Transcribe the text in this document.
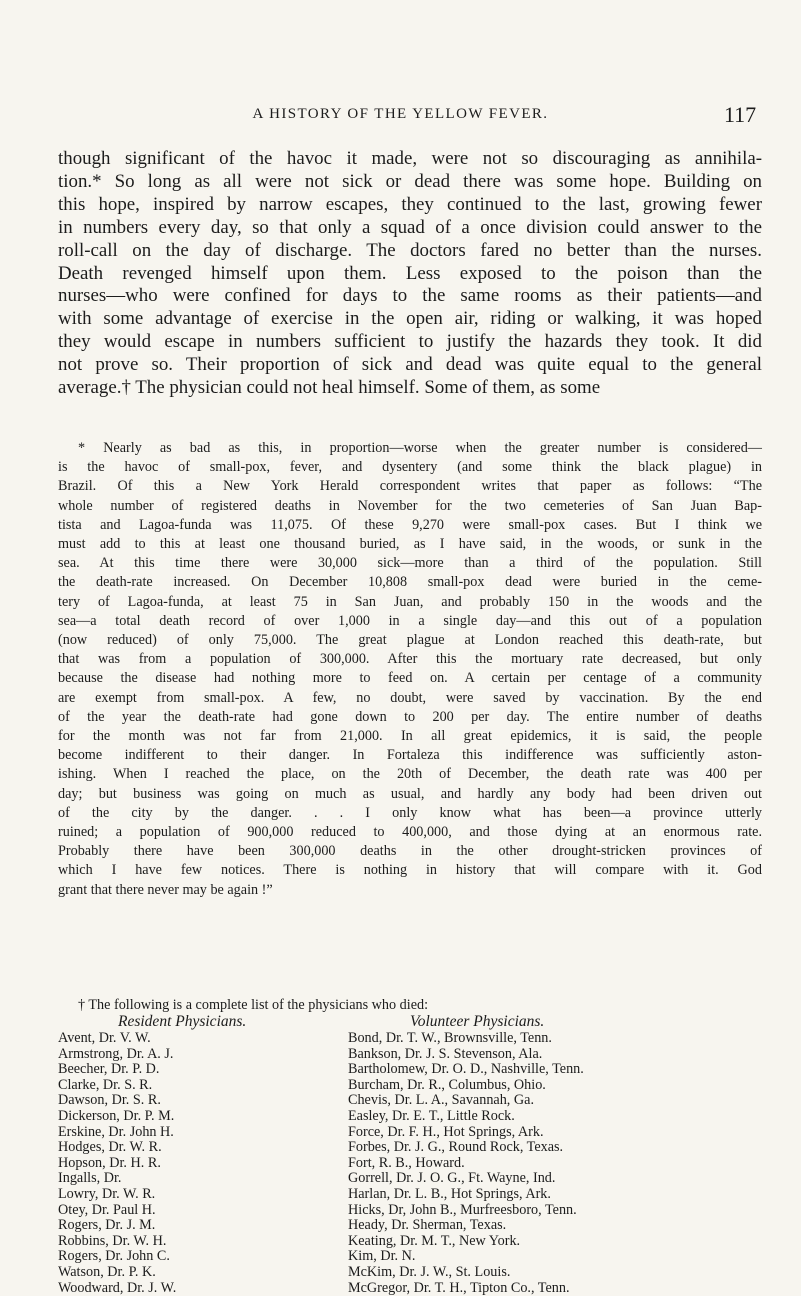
A HISTORY OF THE YELLOW FEVER.	117

though significant of the havoc it made, were not so discouraging as annihila-
tion.* So long as all were not sick or dead there was some hope. Building on
this hope, inspired by narrow escapes, they continued to the last, growing fewer
in numbers every day, so that only a squad of a once division could answer to the
roll-call on the day of discharge. The doctors fared no better than the nurses.
Death revenged himself upon them. Less exposed to the poison than the
nurses—who were confined for days to the same rooms as their patients—and
with some advantage of exercise in the open air, riding or walking, it was hoped
they would escape in numbers sufficient to justify the hazards they took. It did
not prove so. Their proportion of sick and dead was quite equal to the general
average.† The physician could not heal himself. Some of them, as some

* Nearly as bad as this, in proportion—worse when the greater number is considered—
is the havoc of small-pox, fever, and dysentery (and some think the black plague) in
Brazil. Of this a New York Herald correspondent writes that paper as follows: “The
whole number of registered deaths in November for the two cemeteries of San Juan Bap-
tista and Lagoa-funda was 11,075. Of these 9,270 were small-pox cases. But I think we
must add to this at least one thousand buried, as I have said, in the woods, or sunk in the
sea. At this time there were 30,000 sick—more than a third of the population. Still
the death-rate increased. On December 10,808 small-pox dead were buried in the ceme-
tery of Lagoa-funda, at least 75 in San Juan, and probably 150 in the woods and the
sea—a total death record of over 1,000 in a single day—and this out of a population
(now reduced) of only 75,000. The great plague at London reached this death-rate, but
that was from a population of 300,000. After this the mortuary rate decreased, but only
because the disease had nothing more to feed on. A certain per centage of a community
are exempt from small-pox. A few, no doubt, were saved by vaccination. By the end
of the year the death-rate had gone down to 200 per day. The entire number of deaths
for the month was not far from 21,000. In all great epidemics, it is said, the people
become indifferent to their danger. In Fortaleza this indifference was sufficiently aston-
ishing. When I reached the place, on the 20th of December, the death rate was 400 per
day; but business was going on much as usual, and hardly any body had been driven out
of the city by the danger. . . I only know what has been—a province utterly
ruined; a population of 900,000 reduced to 400,000, and those dying at an enormous rate.
Probably there have been 300,000 deaths in the other drought-stricken provinces of
which I have few notices. There is nothing in history that will compare with it. God
grant that there never may be again !”

† The following is a complete list of the physicians who died:

Resident Physicians.
Avent, Dr. V. W.
Armstrong, Dr. A. J.
Beecher, Dr. P. D.
Clarke, Dr. S. R.
Dawson, Dr. S. R.
Dickerson, Dr. P. M.
Erskine, Dr. John H.
Hodges, Dr. W. R.
Hopson, Dr. H. R.
Ingalls, Dr.
Lowry, Dr. W. R.
Otey, Dr. Paul H.
Rogers, Dr. J. M.
Robbins, Dr. W. H.
Rogers, Dr. John C.
Watson, Dr. P. K.
Woodward, Dr. J. W.
Volunteer Physicians.
Bond, Dr. T. W., Brownsville, Tenn.
Bankson, Dr. J. S. Stevenson, Ala.
Bartholomew, Dr. O. D., Nashville, Tenn.
Burcham, Dr. R., Columbus, Ohio.
Chevis, Dr. L. A., Savannah, Ga.
Easley, Dr. E. T., Little Rock.
Force, Dr. F. H., Hot Springs, Ark.
Forbes, Dr. J. G., Round Rock, Texas.
Fort, R. B., Howard.
Gorrell, Dr. J. O. G., Ft. Wayne, Ind.
Harlan, Dr. L. B., Hot Springs, Ark.
Hicks, Dr, John B., Murfreesboro, Tenn.
Heady, Dr. Sherman, Texas.
Keating, Dr. M. T., New York.
Kim, Dr. N.
McKim, Dr. J. W., St. Louis.
McGregor, Dr. T. H., Tipton Co., Tenn.
